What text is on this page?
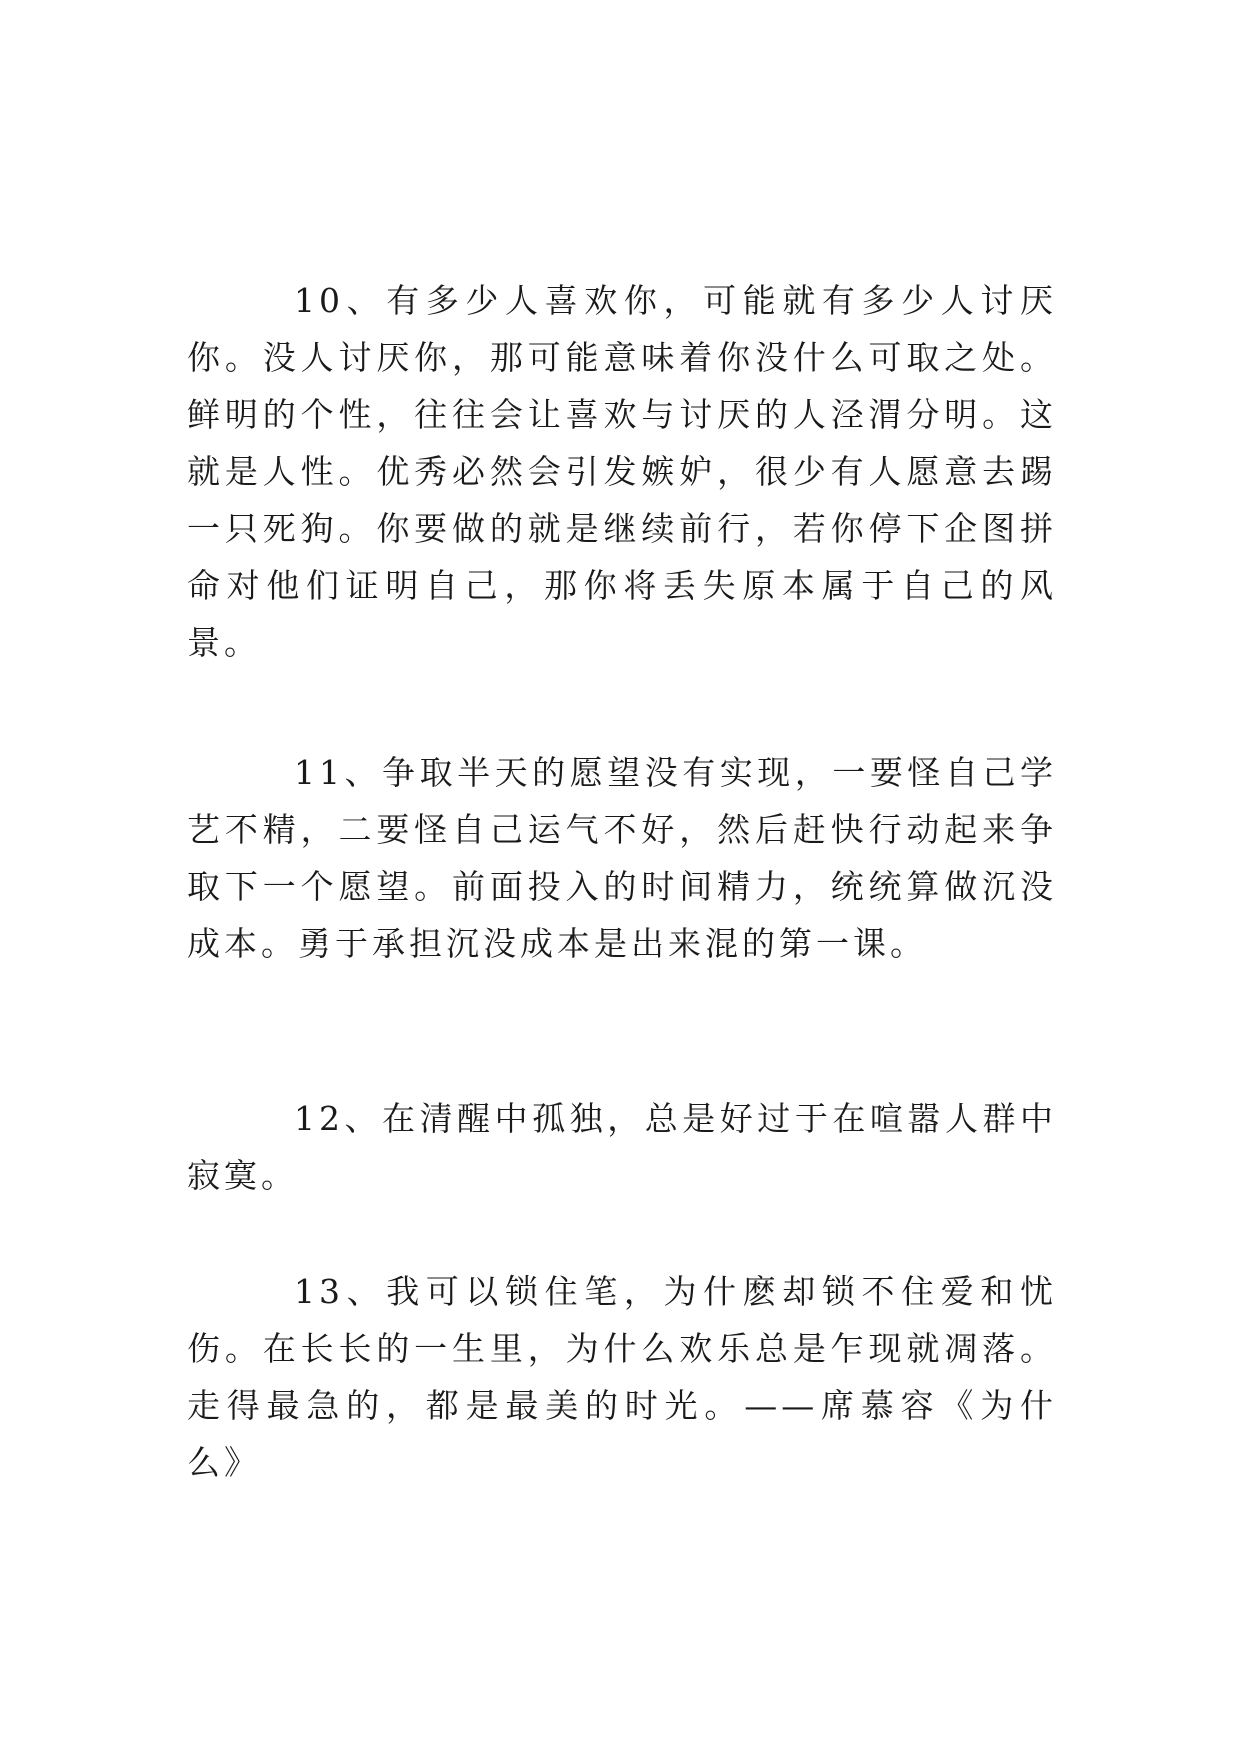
10、有多少人喜欢你，可能就有多少人讨厌你。没人讨厌你，那可能意味着你没什么可取之处。鲜明的个性，往往会让喜欢与讨厌的人泾渭分明。这就是人性。优秀必然会引发嫉妒，很少有人愿意去踢一只死狗。你要做的就是继续前行，若你停下企图拼命对他们证明自己，那你将丢失原本属于自己的风景。

11、争取半天的愿望没有实现，一要怪自己学艺不精，二要怪自己运气不好，然后赶快行动起来争取下一个愿望。前面投入的时间精力，统统算做沉没成本。勇于承担沉没成本是出来混的第一课。

12、在清醒中孤独，总是好过于在喧嚣人群中寂寞。

13、我可以锁住笔，为什麽却锁不住爱和忧伤。在长长的一生里，为什么欢乐总是乍现就凋落。走得最急的，都是最美的时光。——席慕容《为什么》
